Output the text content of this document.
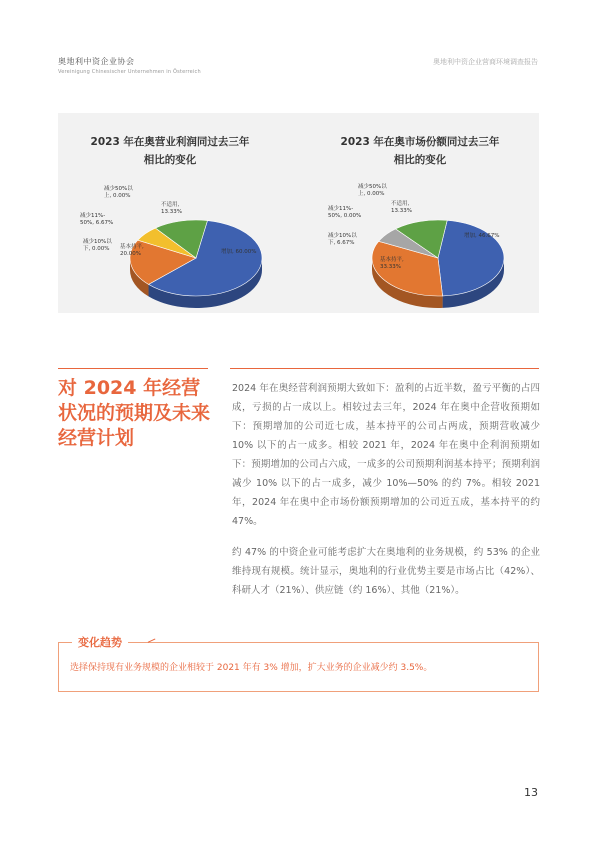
奥地利中资企业协会
Vereinigung Chinesischer Unternehmen in Österreich
奥地利中资企业营商环境调查报告
2023 年在奥营业利润同过去三年
相比的变化
增加, 60.00%
基本持平,
20.00%
减少10%以
下, 0.00%
减少11%-
50%, 6.67%
减少50%以
上, 0.00%
不适用,
13.33%
2023 年在奥市场份额同过去三年
相比的变化
增加, 46.67%
基本持平,
33.33%
减少10%以
下, 6.67%
减少11%-
50%, 0.00%
减少50%以
上, 0.00%
不适用,
13.33%
对 2024 年经营状况的预期及未来经营计划

2024 年在奥经营利润预期大致如下：盈利的占近半数，盈亏平衡的占四成，亏损的占一成以上。相较过去三年，2024 年在奥中企营收预期如下：预期增加的公司近七成，基本持平的公司占两成，预期营收减少 10% 以下的占一成多。相较 2021 年，2024 年在奥中企利润预期如下：预期增加的公司占六成，一成多的公司预期利润基本持平；预期利润减少 10% 以下的占一成多，减少 10%—50% 的约 7%。相较 2021 年，2024 年在奥中企市场份额预期增加的公司近五成，基本持平的约 47%。

约 47% 的中资企业可能考虑扩大在奥地利的业务规模，约 53% 的企业维持现有规模。统计显示，奥地利的行业优势主要是市场占比（42%）、科研人才（21%）、供应链（约 16%）、其他（21%）。

变化趋势
选择保持现有业务规模的企业相较于 2021 年有 3% 增加，扩大业务的企业减少约 3.5%。
13
